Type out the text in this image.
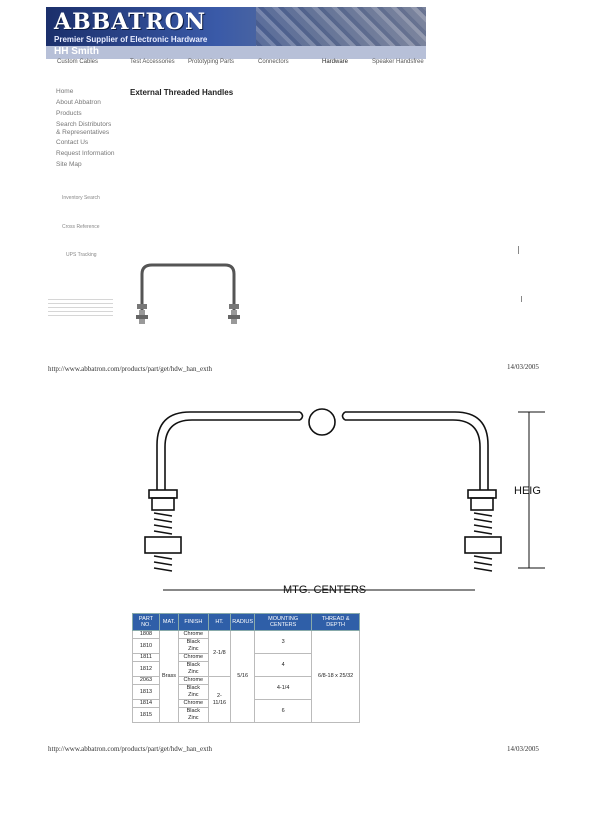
ABBATRON
Premier Supplier of Electronic Hardware
HH Smith
Custom Cables	Test Accessories Prototyping Parts	Connectors	Hardware	Speaker Handsfree
Home
About Abbatron
Products
Search Distributors & Representatives
Contact Us
Request Information
Site Map
Inventory Search
Cross Reference
UPS Tracking
External Threaded Handles
http://www.abbatron.com/products/part/get/hdw_han_exth	14/03/2005
HEIG
MTG. CENTERS
PART NO.	MAT.	FINISH	HT.	RADIUS	MOUNTING CENTERS	THREAD & DEPTH
1808	Brass	Chrome	2-1/8	5/16	3	6/8-18 x 25/32
1810		Black Zinc				
1811		Chrome			4	
1812		Black Zinc				
2063		Chrome	2-11/16		4-1/4	
1813		Black Zinc				
1814		Chrome			6	
1815		Black Zinc				
http://www.abbatron.com/products/part/get/hdw_han_exth	14/03/2005
